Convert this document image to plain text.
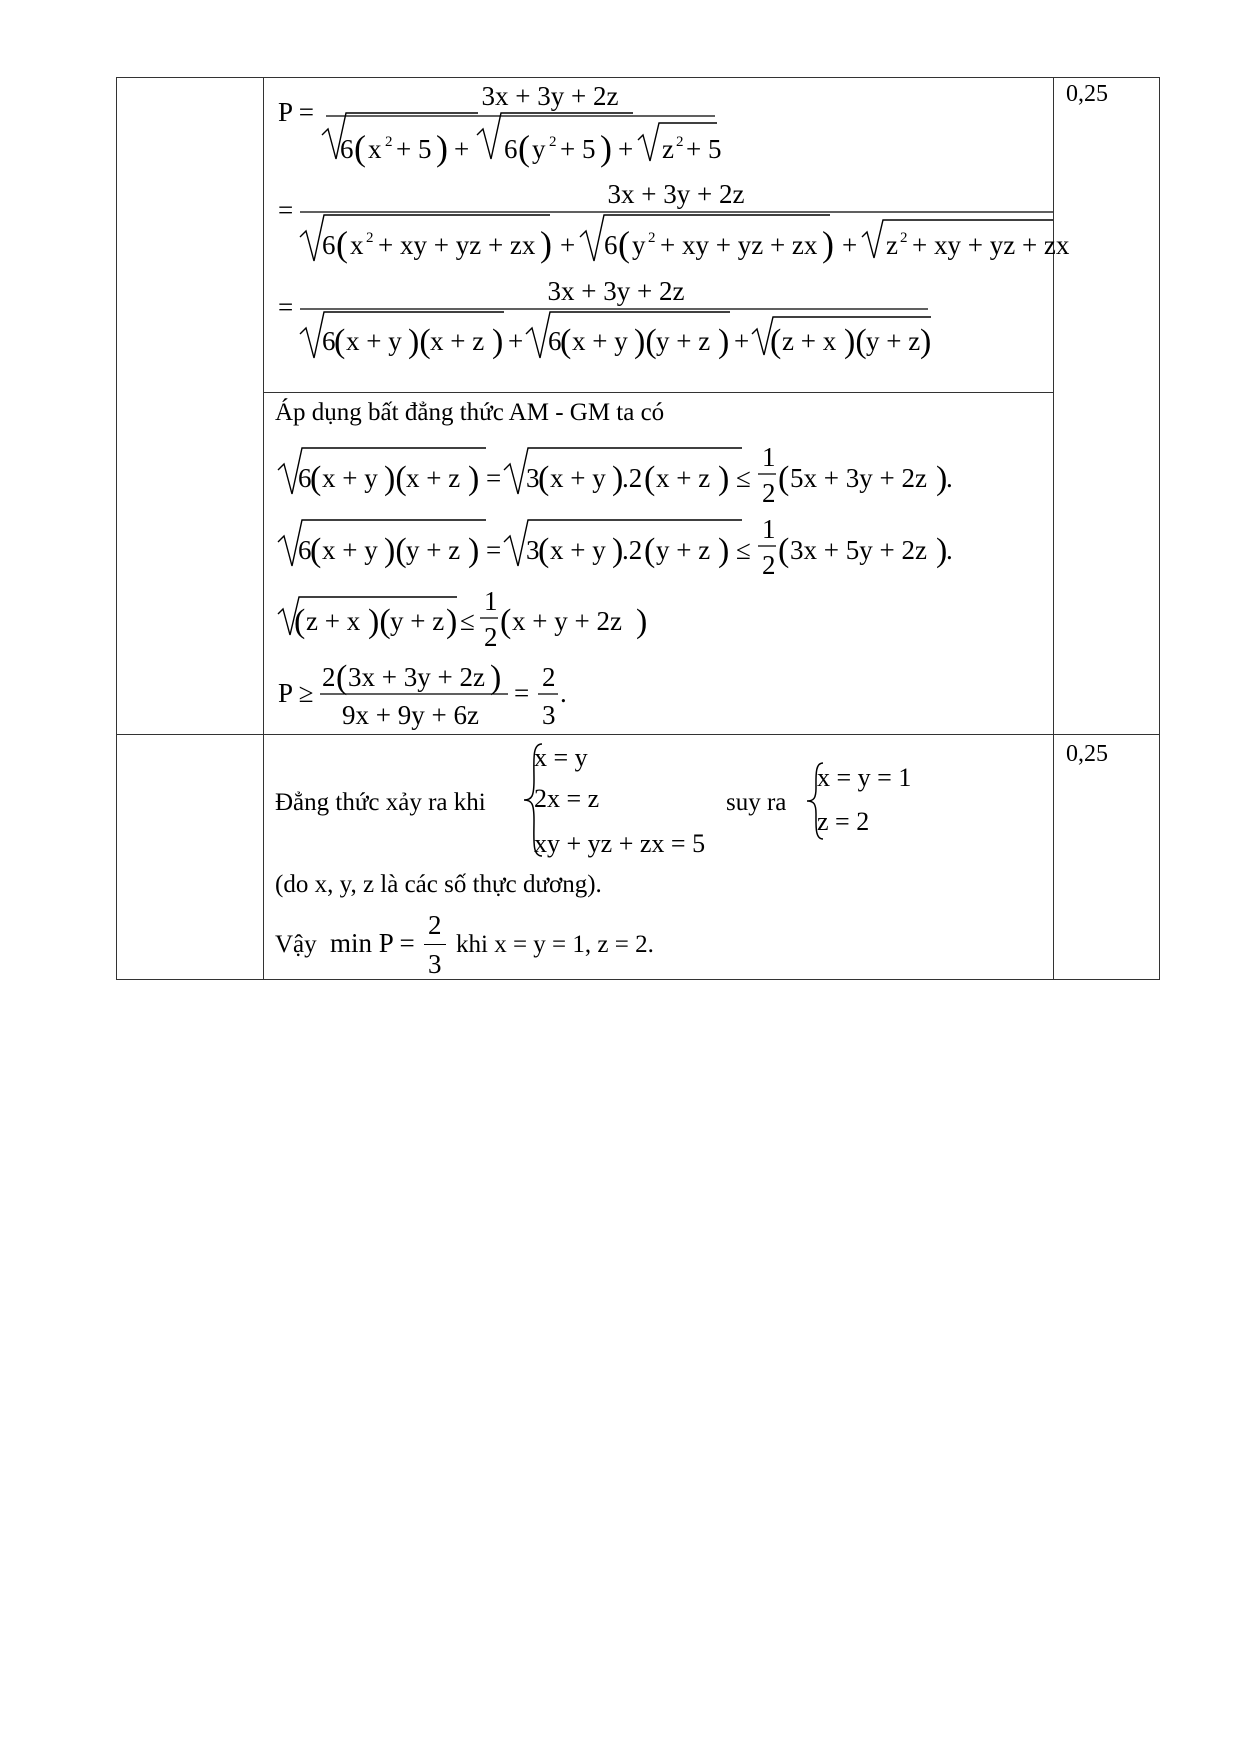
0,25
0,25
P =
3x + 3y + 2z
6 ( x 2 + 5 ) + 6 ( y 2 + 5 ) + z 2 + 5
=
3x + 3y + 2z
6 ( x 2 + xy + yz + zx ) + 6 ( y 2 + xy + yz + zx ) + z 2 + xy + yz + zx
=
3x + 3y + 2z
6
( x + y )( x + z ) + 6
( x + y )( y + z ) + ( z + x )( y + z )
Áp dụng bất đẳng thức AM - GM ta có
6
( x + y )( x + z ) = 3
( x + y )
.2 ( x + z ) ≤
1
2 ( 5x + 3y + 2z )
.
6
( x + y )( y + z ) = 3
( x + y )
.2 ( y + z ) ≤
1
2 ( 3x + 5y + 2z )
.
( z + x )( y + z ) ≤
1
2 ( x + y + 2z )
P ≥
2 ( 3x + 3y + 2z )
9x + 9y + 6z
=
2
3
.
Đẳng thức xảy ra khi
x = y
2x = z
xy + yz + zx = 5
suy ra
x = y = 1
z = 2
(do x, y, z là các số thực dương).
Vậy min P =
2
3
khi x = y = 1, z = 2.
